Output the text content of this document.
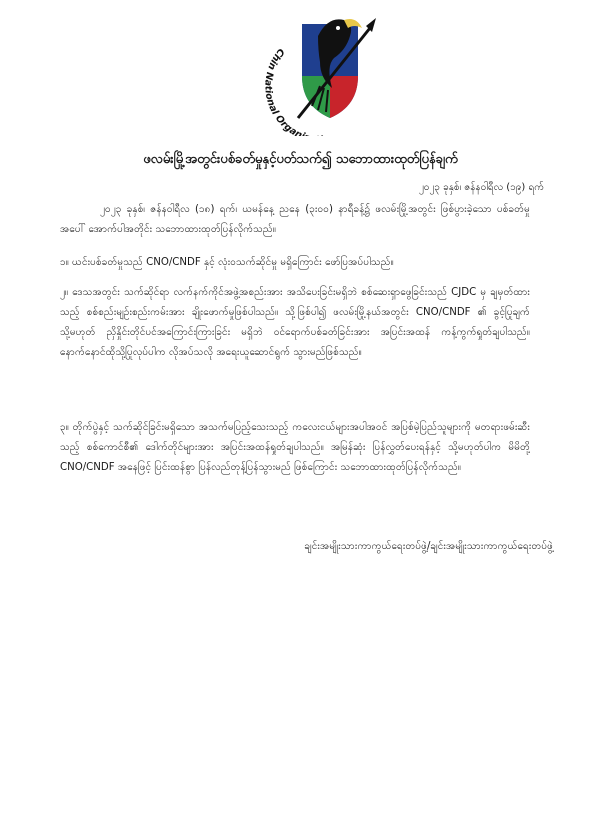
Chin National Organ
ဖလမ်းမြို့အတွင်းပစ်ခတ်မှုနှင့်ပတ်သက်၍ သဘောထားထုတ်ပြန်ချက်

၂၀၂၃ ခုနှစ်၊ ဇန်နဝါရီလ (၁၉) ရက်

၂၀၂၃ ခုနှစ်၊ ဇန်နဝါရီလ (၁၈) ရက်၊ ယမန်နေ့ ညနေ (၃း၀၀) နာရီခန့်၌ ဖလမ်းမြို့အတွင်း ဖြစ်ပွားခဲ့သော ပစ်ခတ်မှုအပေါ် အောက်ပါအတိုင်း သဘောထားထုတ်ပြန်လိုက်သည်။

၁။ ယင်းပစ်ခတ်မှုသည် CNO/CNDF နှင့် လုံးဝသက်ဆိုင်မှု မရှိကြောင်း ဖော်ပြအပ်ပါသည်။

၂။ ဒေသအတွင်း သက်ဆိုင်ရာ လက်နက်ကိုင်အဖွဲ့အစည်းအား အသိပေးခြင်းမရှိဘဲ စစ်ဆေးရှာဖွေခြင်းသည် CJDC မှ ချမှတ်ထားသည့် စစ်စည်းမျဉ်းစည်းကမ်းအား ချိုးဖောက်မှုဖြစ်ပါသည်။ သို့ဖြစ်ပါ၍ ဖလမ်းမြို့နယ်အတွင်း CNO/CNDF ၏ ခွင့်ပြုချက် သို့မဟုတ် ညှိနှိုင်းတိုင်ပင်အကြောင်းကြားခြင်း မရှိဘဲ ဝင်ရောက်ပစ်ခတ်ခြင်းအား အပြင်းအထန် ကန့်ကွက်ရှုတ်ချပါသည်။ နောက်နောင်ထိုသို့ပြုလုပ်ပါက လိုအပ်သလို အရေးယူဆောင်ရွက် သွားမည်ဖြစ်သည်။

၃။ တိုက်ပွဲနှင့် သက်ဆိုင်ခြင်းမရှိသော အသက်မပြည့်သေးသည့် ကလေးငယ်များအပါအဝင် အပြစ်မဲ့ပြည်သူများကို မတရားဖမ်းဆီးသည့် စစ်ကောင်စီ၏ ဒေါက်တိုင်များအား အပြင်းအထန်ရှုတ်ချပါသည်။ အမြန်ဆုံး ပြန်လွှတ်ပေးရန်နှင့် သို့မဟုတ်ပါက မိမိတို့ CNO/CNDF အနေဖြင့် ပြင်းထန်စွာ ပြန်လည်တုန့်ပြန်သွားမည် ဖြစ်ကြောင်း သဘောထားထုတ်ပြန်လိုက်သည်။

ချင်းအမျိုးသားကာကွယ်ရေးတပ်ဖွဲ့/ချင်းအမျိုးသားကာကွယ်ရေးတပ်ဖွဲ့
